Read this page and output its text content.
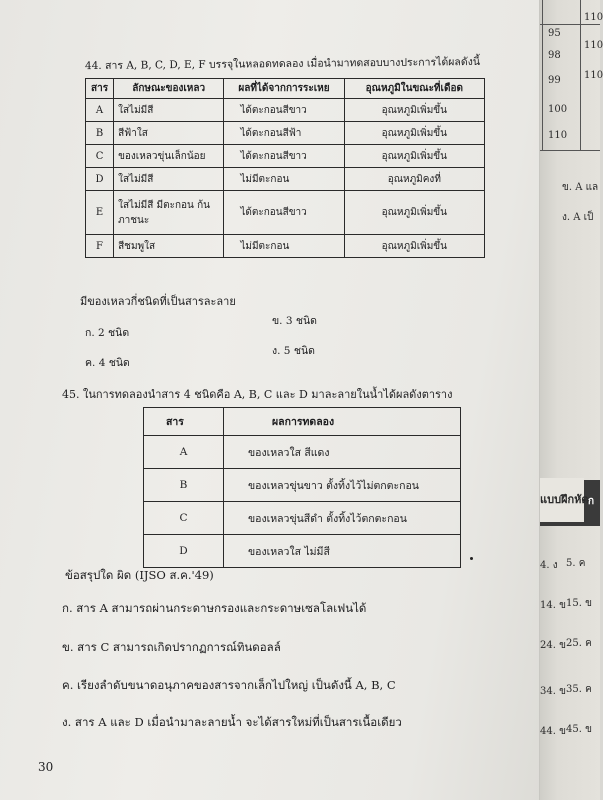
44. สาร A, B, C, D, E, F บรรจุในหลอดทดลอง เมื่อนำมาทดสอบบางประการได้ผลดังนี้
สาร	ลักษณะของเหลว	ผลที่ได้จากการระเหย	อุณหภูมิในขณะที่เดือด
A	ใสไม่มีสี	ได้ตะกอนสีขาว	อุณหภูมิเพิ่มขึ้น
B	สีฟ้าใส	ได้ตะกอนสีฟ้า	อุณหภูมิเพิ่มขึ้น
C	ของเหลวขุ่นเล็กน้อย	ได้ตะกอนสีขาว	อุณหภูมิเพิ่มขึ้น
D	ใสไม่มีสี	ไม่มีตะกอน	อุณหภูมิคงที่
E	ใสไม่มีสี มีตะกอน ก้นภาชนะ	ได้ตะกอนสีขาว	อุณหภูมิเพิ่มขึ้น
F	สีชมพูใส	ไม่มีตะกอน	อุณหภูมิเพิ่มขึ้น
มีของเหลวกี่ชนิดที่เป็นสารละลาย
ก. 2 ชนิด
ข. 3 ชนิด
ค. 4 ชนิด
ง. 5 ชนิด
45. ในการทดลองนำสาร 4 ชนิดคือ A, B, C และ D มาละลายในน้ำได้ผลดังตาราง
สาร	ผลการทดลอง
A	ของเหลวใส สีแดง
B	ของเหลวขุ่นขาว ตั้งทิ้งไว้ไม่ตกตะกอน
C	ของเหลวขุ่นสีดำ ตั้งทิ้งไว้ตกตะกอน
D	ของเหลวใส ไม่มีสี
ข้อสรุปใด ผิด (IJSO ส.ค.'49)
ก. สาร A สามารถผ่านกระดาษกรองและกระดาษเซลโลเฟนได้
ข. สาร C สามารถเกิดปรากฏการณ์ทินดอลล์
ค. เรียงลำดับขนาดอนุภาคของสารจากเล็กไปใหญ่ เป็นดังนี้ A, B, C
ง. สาร A และ D เมื่อนำมาละลายน้ำ จะได้สารใหม่ที่เป็นสารเนื้อเดียว
30
95
98
99
100
110
110
110
110
ข. A แล
ง. A เป็
แบบฝึกหัด ก
4. ง 5. ค
14. ข 15. ข
24. ข 25. ค
34. ข 35. ค
44. ข 45. ข
